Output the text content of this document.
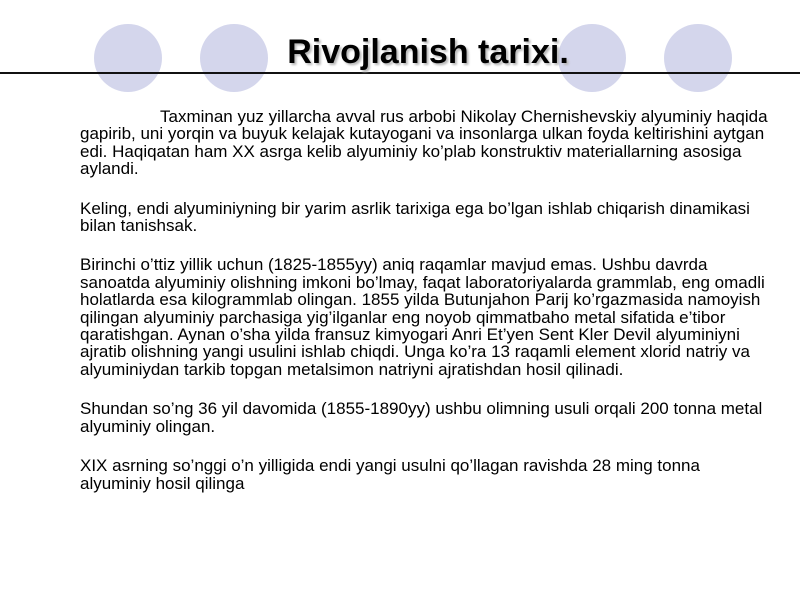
Rivojlanish tarixi.

Taxminan yuz yillarcha avval rus arbobi Nikolay Chernishevskiy alyuminiy haqida gapirib, uni yorqin va buyuk kelajak kutayogani va insonlarga ulkan foyda keltirishini aytgan edi. Haqiqatan ham XX asrga kelib alyuminiy ko’plab konstruktiv materiallarning asosiga aylandi.

Keling, endi alyuminiyning bir yarim asrlik tarixiga ega bo’lgan ishlab chiqarish dinamikasi bilan tanishsak.

Birinchi o’ttiz yillik uchun (1825-1855yy) aniq raqamlar mavjud emas. Ushbu davrda sanoatda alyuminiy olishning imkoni bo’lmay, faqat laboratoriyalarda grammlab, eng omadli holatlarda esa kilogrammlab olingan. 1855 yilda Butunjahon Parij ko’rgazmasida namoyish qilingan alyuminiy parchasiga yig’ilganlar eng noyob qimmatbaho metal sifatida e’tibor qaratishgan. Aynan o’sha yilda fransuz kimyogari Anri Et’yen Sent Kler Devil alyuminiyni ajratib olishning yangi usulini ishlab chiqdi. Unga ko’ra 13 raqamli element xlorid natriy va alyuminiydan tarkib topgan metalsimon natriyni ajratishdan hosil qilinadi.

Shundan so’ng 36 yil davomida (1855-1890yy) ushbu olimning usuli orqali 200 tonna metal alyuminiy olingan.

XIX asrning so’nggi o’n yilligida endi yangi usulni qo’llagan ravishda 28 ming tonna alyuminiy hosil qilinga
